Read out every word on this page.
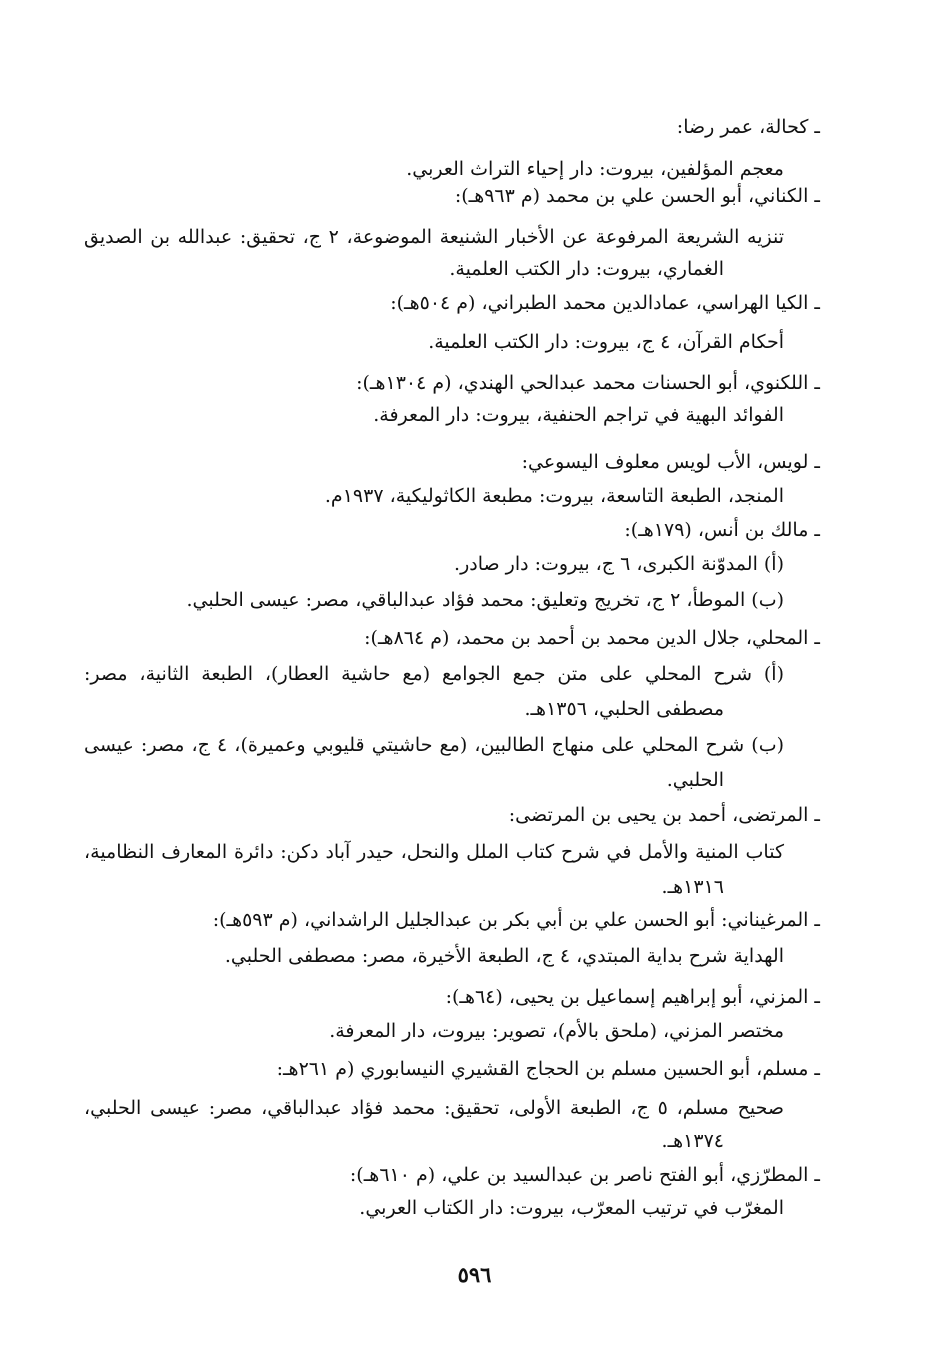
ـ كحالة، عمر رضا:
معجم المؤلفين، بيروت: دار إحياء التراث العربي.
ـ الكناني، أبو الحسن علي بن محمد (م ٩٦٣هـ):
تنزيه الشريعة المرفوعة عن الأخبار الشنيعة الموضوعة، ٢ ج، تحقيق: عبدالله بن الصديق
الغماري، بيروت: دار الكتب العلمية.
ـ الكيا الهراسي، عمادالدين محمد الطبراني، (م ٥٠٤هـ):
أحكام القرآن، ٤ ج، بيروت: دار الكتب العلمية.
ـ اللكنوي، أبو الحسنات محمد عبدالحي الهندي، (م ١٣٠٤هـ):
الفوائد البهية في تراجم الحنفية، بيروت: دار المعرفة.
ـ لويس، الأب لويس معلوف اليسوعي:
المنجد، الطبعة التاسعة، بيروت: مطبعة الكاثوليكية، ١٩٣٧م.
ـ مالك بن أنس، (١٧٩هـ):
(أ) المدوّنة الكبرى، ٦ ج، بيروت: دار صادر.
(ب) الموطأ، ٢ ج، تخريج وتعليق: محمد فؤاد عبدالباقي، مصر: عيسى الحلبي.
ـ المحلي، جلال الدين محمد بن أحمد بن محمد، (م ٨٦٤هـ):
(أ) شرح المحلي على متن جمع الجوامع (مع حاشية العطار)، الطبعة الثانية، مصر:
مصطفى الحلبي، ١٣٥٦هـ.
(ب) شرح المحلي على منهاج الطالبين، (مع حاشيتي قليوبي وعميرة)، ٤ ج، مصر: عيسى
الحلبي.
ـ المرتضى، أحمد بن يحيى بن المرتضى:
كتاب المنية والأمل في شرح كتاب الملل والنحل، حيدر آباد دكن: دائرة المعارف النظامية،
١٣١٦هـ.
ـ المرغيناني: أبو الحسن علي بن أبي بكر بن عبدالجليل الراشداني، (م ٥٩٣هـ):
الهداية شرح بداية المبتدي، ٤ ج، الطبعة الأخيرة، مصر: مصطفى الحلبي.
ـ المزني، أبو إبراهيم إسماعيل بن يحيى، (٦٤هـ):
مختصر المزني، (ملحق بالأم)، تصوير: بيروت، دار المعرفة.
ـ مسلم، أبو الحسين مسلم بن الحجاج القشيري النيسابوري (م ٢٦١هـ:
صحيح مسلم، ٥ ج، الطبعة الأولى، تحقيق: محمد فؤاد عبدالباقي، مصر: عيسى الحلبي،
١٣٧٤هـ.
ـ المطرّزي، أبو الفتح ناصر بن عبدالسيد بن علي، (م ٦١٠هـ):
المغرّب في ترتيب المعرّب، بيروت: دار الكتاب العربي.
٥٩٦
